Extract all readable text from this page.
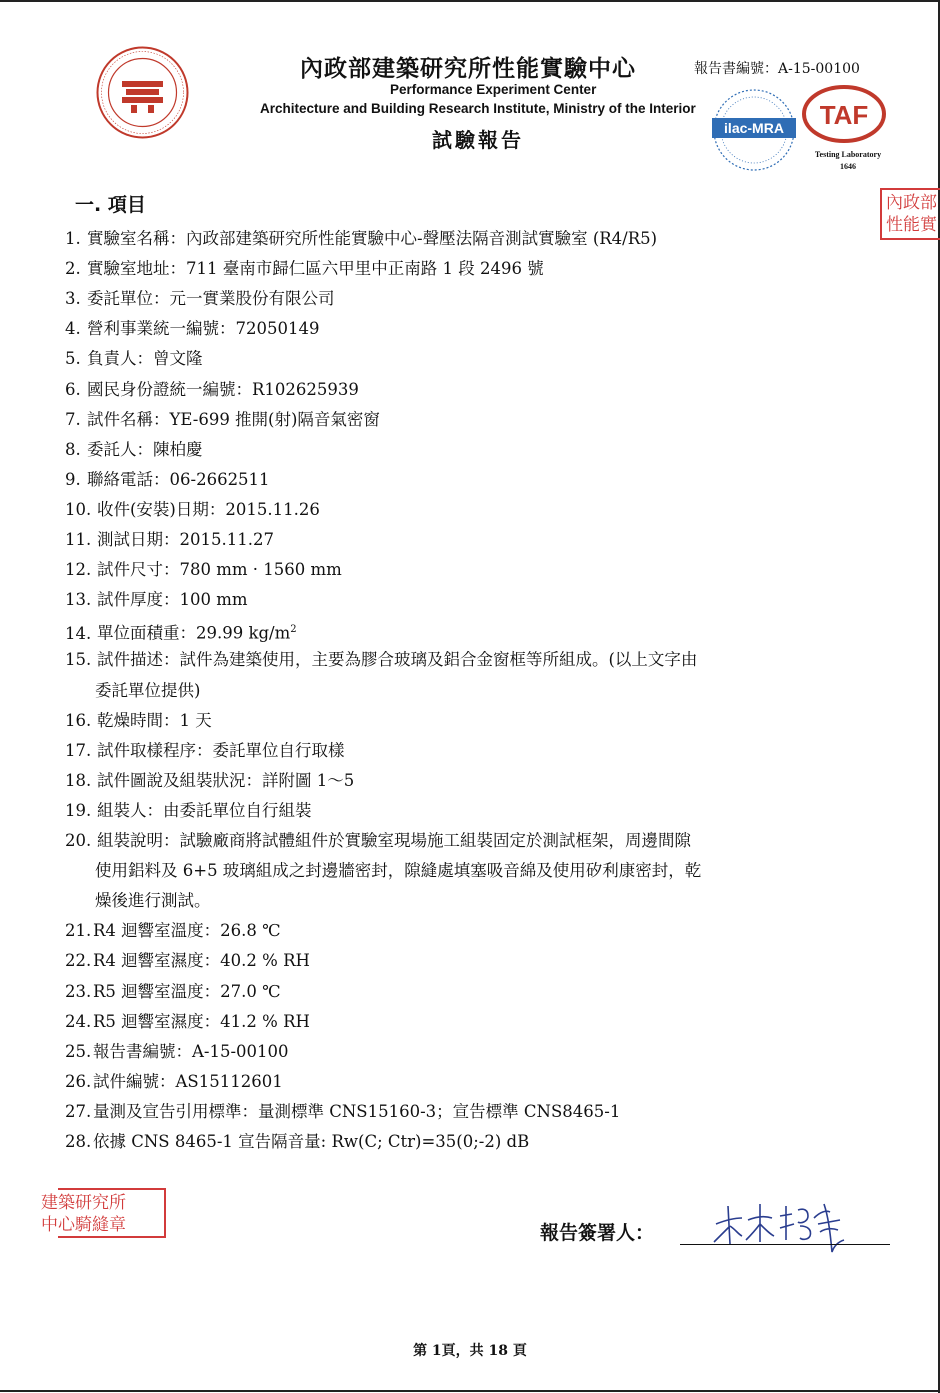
內政部建築研究所性能實驗中心	報告書編號：A-15-00100
Performance Experiment Center
Architecture and Building Research Institute, Ministry of the Interior
試驗報告	ilac-MRA TAF
Testing Laboratory
1646
內政部
性能實
一. 項目
1. 實驗室名稱：內政部建築研究所性能實驗中心-聲壓法隔音測試實驗室 (R4/R5)
2. 實驗室地址：711 臺南市歸仁區六甲里中正南路 1 段 2496 號
3. 委託單位：元一實業股份有限公司
4. 營利事業統一編號：72050149
5. 負責人：曾文隆
6. 國民身份證統一編號：R102625939
7. 試件名稱：YE-699 推開(射)隔音氣密窗
8. 委託人：陳柏慶
9. 聯絡電話：06-2662511
10. 收件(安裝)日期：2015.11.26
11. 測試日期：2015.11.27
12. 試件尺寸：780 mm · 1560 mm
13. 試件厚度：100 mm
14. 單位面積重：29.99 $kg/m^2$
15. 試件描述：試件為建築使用，主要為膠合玻璃及鋁合金窗框等所組成。(以上文字由
委託單位提供)
16. 乾燥時間：1 天
17. 試件取樣程序：委託單位自行取樣
18. 試件圖說及組裝狀況：詳附圖 1～5
19. 組裝人：由委託單位自行組裝
20. 組裝說明：試驗廠商將試體組件於實驗室現場施工組裝固定於測試框架，周邊間隙
使用鋁料及 6+5 玻璃組成之封邊牆密封，隙縫處填塞吸音綿及使用矽利康密封，乾
燥後進行測試。
21. R4 迴響室溫度：26.8 ℃
22. R4 迴響室濕度：40.2 % RH
23. R5 迴響室溫度：27.0 ℃
24. R5 迴響室濕度：41.2 % RH
25. 報告書編號：A-15-00100
26. 試件編號：AS15112601
27. 量測及宣告引用標準：量測標準 CNS15160-3；宣告標準 CNS8465-1
28. 依據 CNS 8465-1 宣告隔音量: Rw(C; Ctr)=35(0;-2) dB
建築研究所
中心騎縫章	報告簽署人：
第 1頁，共 18 頁
